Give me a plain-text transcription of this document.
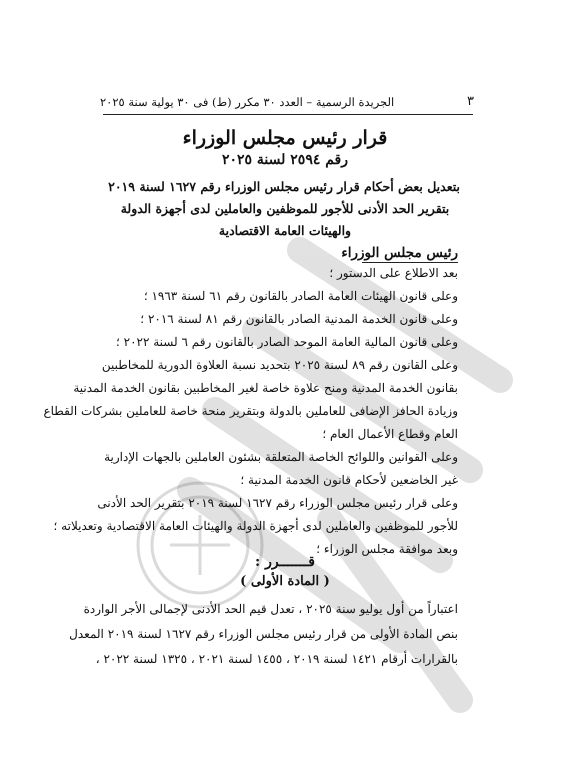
٣
الجريدة الرسمية – العدد ٣٠ مكرر (ط) فى ٣٠ يولية سنة ٢٠٢٥
قرار رئيس مجلس الوزراء
رقم ٢٥٩٤ لسنة ٢٠٢٥
بتعديل بعض أحكام قرار رئيس مجلس الوزراء رقم ١٦٢٧ لسنة ٢٠١٩
بتقرير الحد الأدنى للأجور للموظفين والعاملين لدى أجهزة الدولة
والهيئات العامة الاقتصادية
رئيس مجلس الوزراء
بعد الاطلاع على الدستور ؛
وعلى قانون الهيئات العامة الصادر بالقانون رقم ٦١ لسنة ١٩٦٣ ؛
وعلى قانون الخدمة المدنية الصادر بالقانون رقم ٨١ لسنة ٢٠١٦ ؛
وعلى قانون المالية العامة الموحد الصادر بالقانون رقم ٦ لسنة ٢٠٢٢ ؛
وعلى القانون رقم ٨٩ لسنة ٢٠٢٥ بتحديد نسبة العلاوة الدورية للمخاطبين
بقانون الخدمة المدنية ومنح علاوة خاصة لغير المخاطبين بقانون الخدمة المدنية
وزيادة الحافز الإضافى للعاملين بالدولة وبتقرير منحة خاصة للعاملين بشركات القطاع
العام وقطاع الأعمال العام ؛
وعلى القوانين واللوائح الخاصة المتعلقة بشئون العاملين بالجهات الإدارية
غير الخاضعين لأحكام قانون الخدمة المدنية ؛
وعلى قرار رئيس مجلس الوزراء رقم ١٦٢٧ لسنة ٢٠١٩ بتقرير الحد الأدنى
للأجور للموظفين والعاملين لدى أجهزة الدولة والهيئات العامة الاقتصادية وتعديلاته ؛
وبعد موافقة مجلس الوزراء ؛
قـــــــرر :
( المادة الأولى )
اعتباراً من أول يوليو سنة ٢٠٢٥ ، تعدل قيم الحد الأدنى لإجمالى الأجر الواردة
بنص المادة الأولى من قرار رئيس مجلس الوزراء رقم ١٦٢٧ لسنة ٢٠١٩ المعدل
بالقرارات أرقام ١٤٢١ لسنة ٢٠١٩ ، ١٤٥٥ لسنة ٢٠٢١ ، ١٣٢٥ لسنة ٢٠٢٢ ،
